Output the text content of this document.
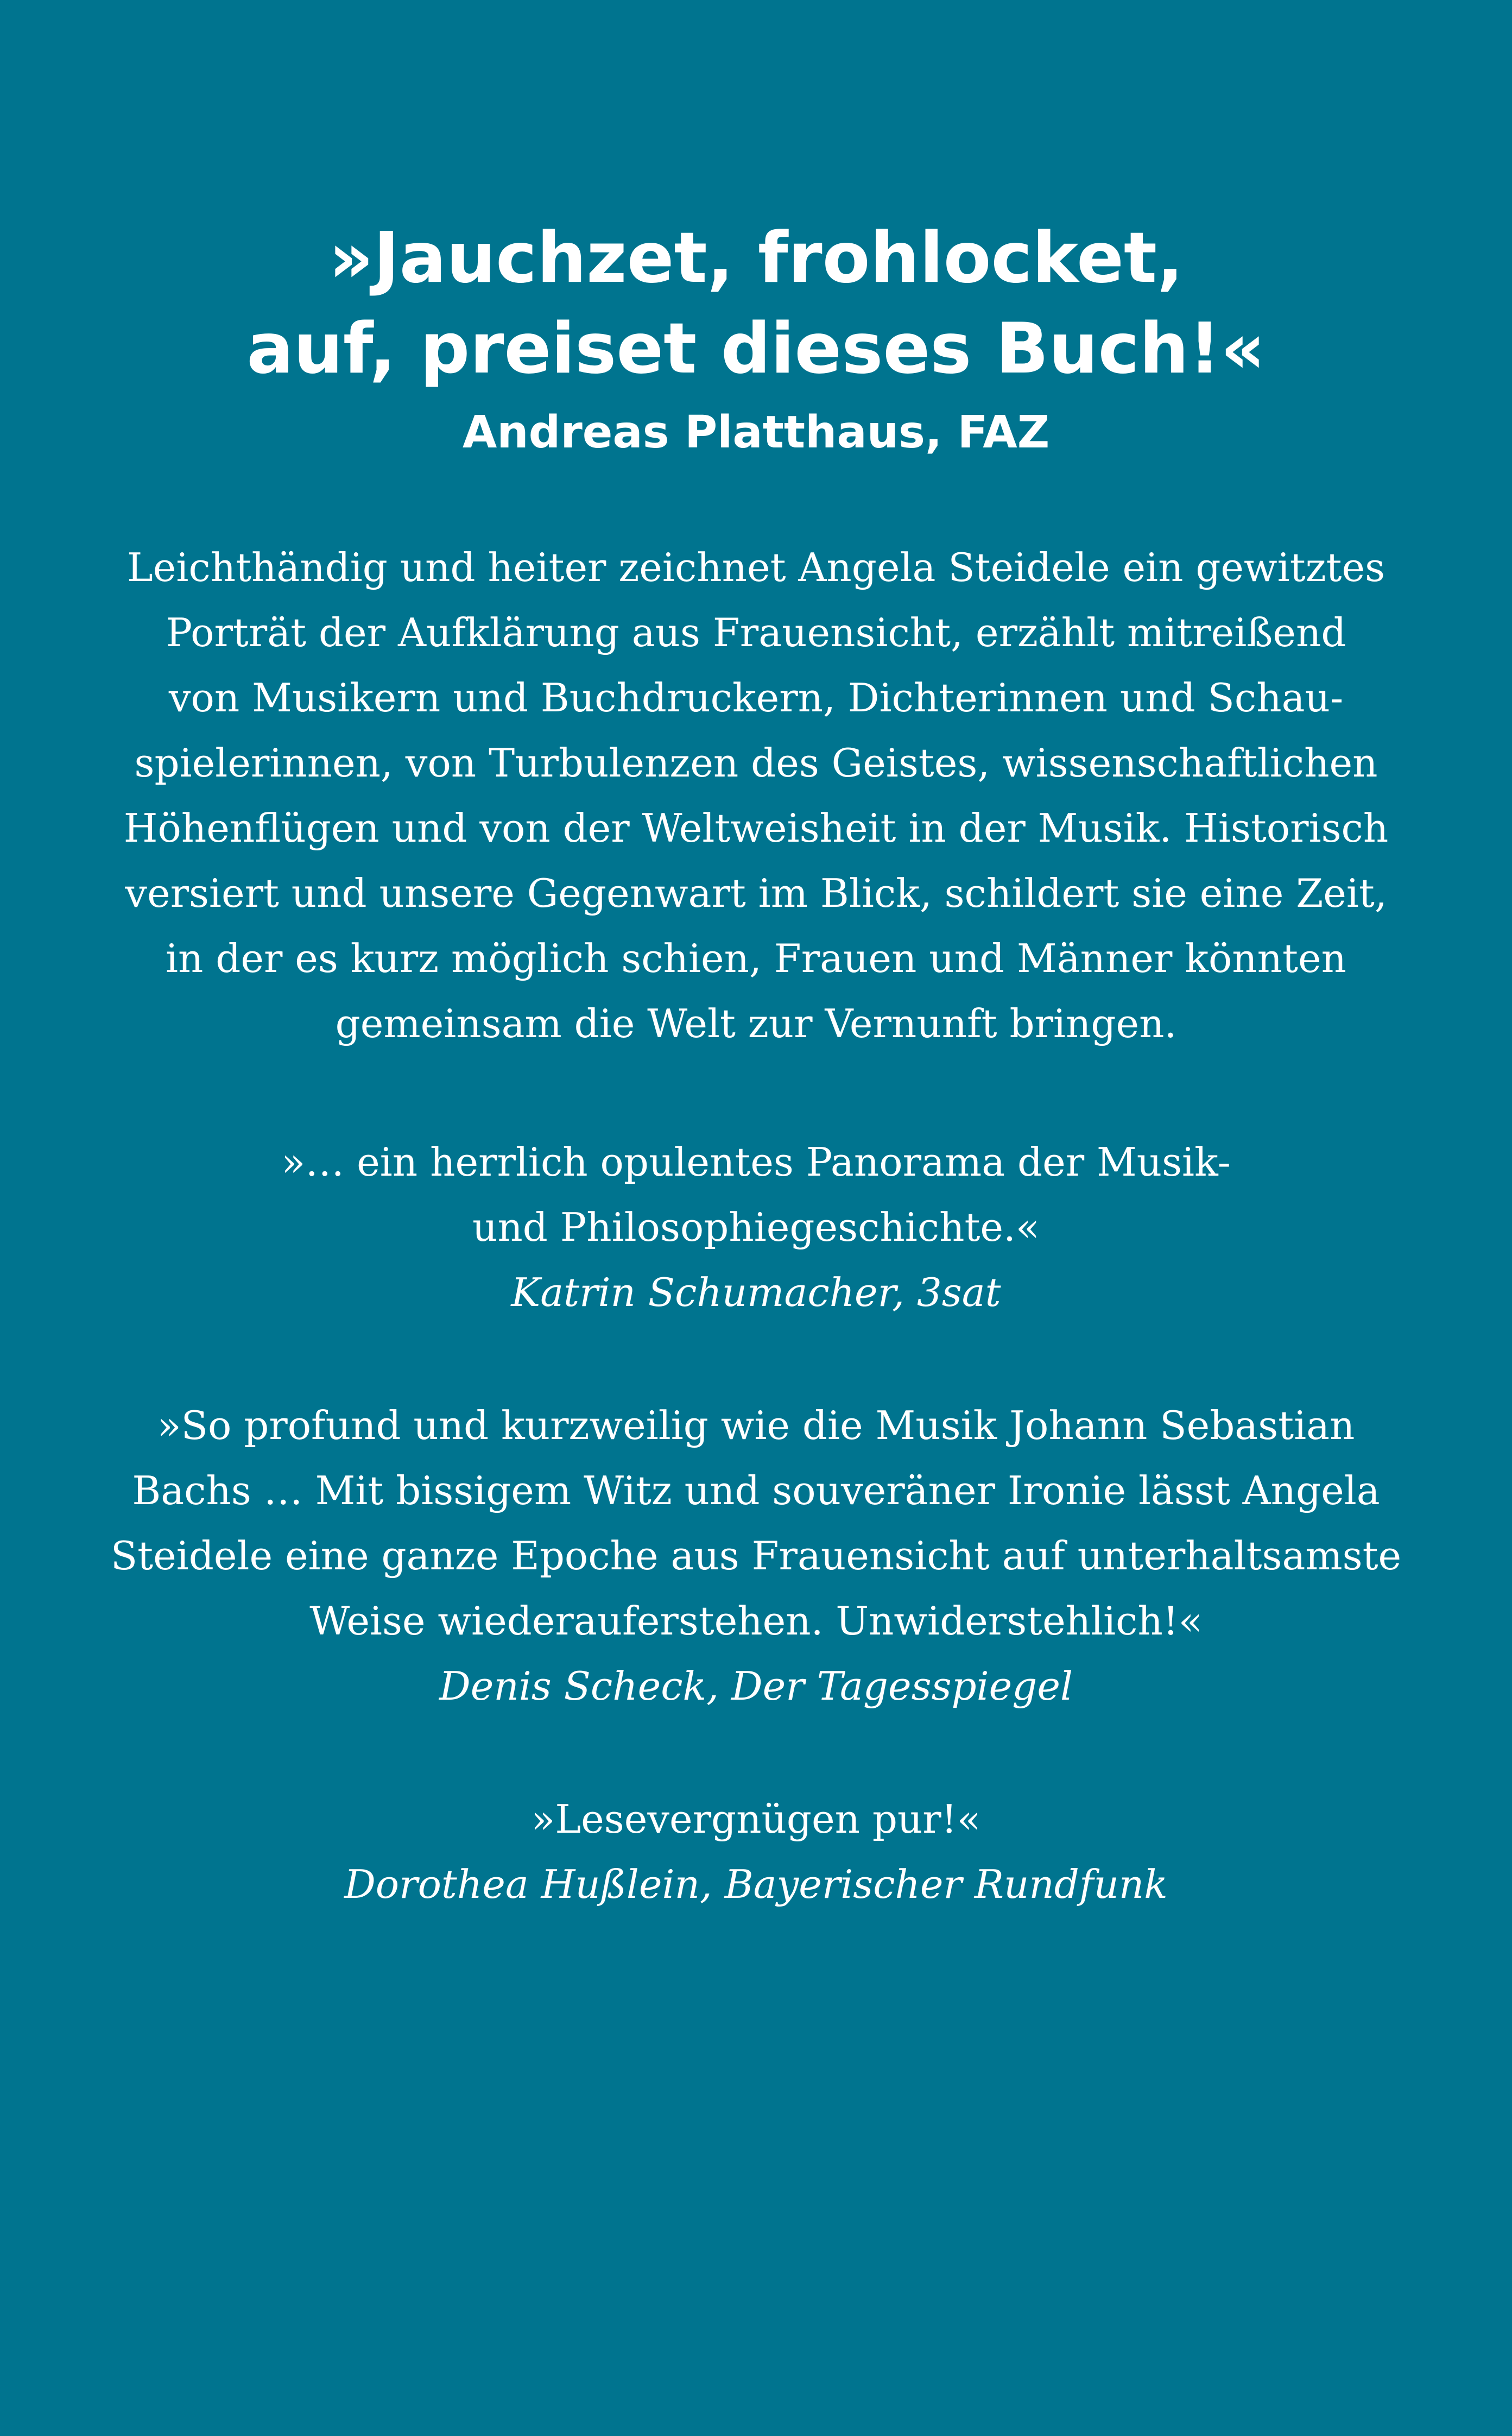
»Jauchzet, frohlocket,
auf, preiset dieses Buch!«
Andreas Platthaus, FAZ
Leichthändig und heiter zeichnet Angela Steidele ein gewitztes
Porträt der Aufklärung aus Frauensicht, erzählt mitreißend
von Musikern und Buchdruckern, Dichterinnen und Schau-
spielerinnen, von Turbulenzen des Geistes, wissenschaftlichen
Höhenflügen und von der Weltweisheit in der Musik. Historisch
versiert und unsere Gegenwart im Blick, schildert sie eine Zeit,
in der es kurz möglich schien, Frauen und Männer könnten
gemeinsam die Welt zur Vernunft bringen.
»… ein herrlich opulentes Panorama der Musik-
und Philosophiegeschichte.«
Katrin Schumacher, 3sat
»So profund und kurzweilig wie die Musik Johann Sebastian
Bachs … Mit bissigem Witz und souveräner Ironie lässt Angela
Steidele eine ganze Epoche aus Frauensicht auf unterhaltsamste
Weise wiederauferstehen. Unwiderstehlich!«
Denis Scheck, Der Tagesspiegel
»Lesevergnügen pur!«
Dorothea Hußlein, Bayerischer Rundfunk
